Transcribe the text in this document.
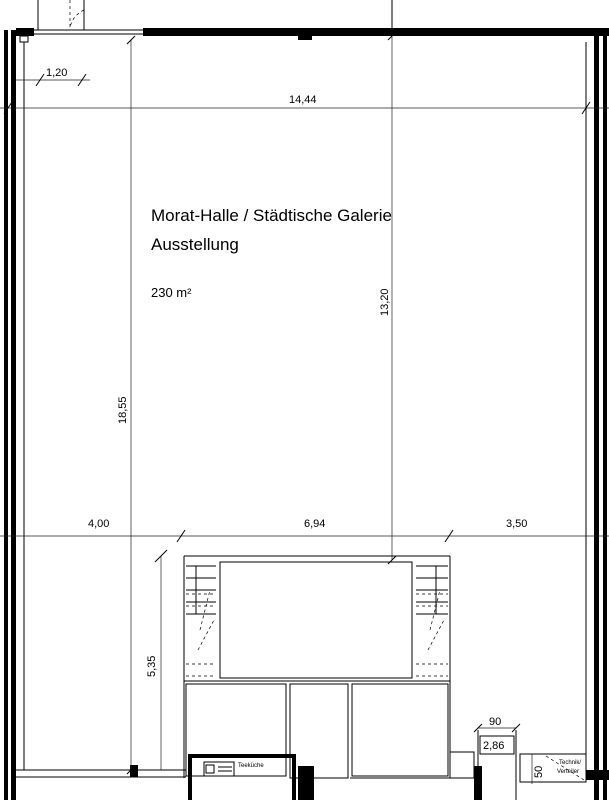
Morat-Halle / Städtische Galerie
Ausstellung
230 m²
1,20
14,44
4,00	6,94	3,50
18,55
13,20
5,35
90
2,86
50
Teeküche	Technik/
Verteiler
